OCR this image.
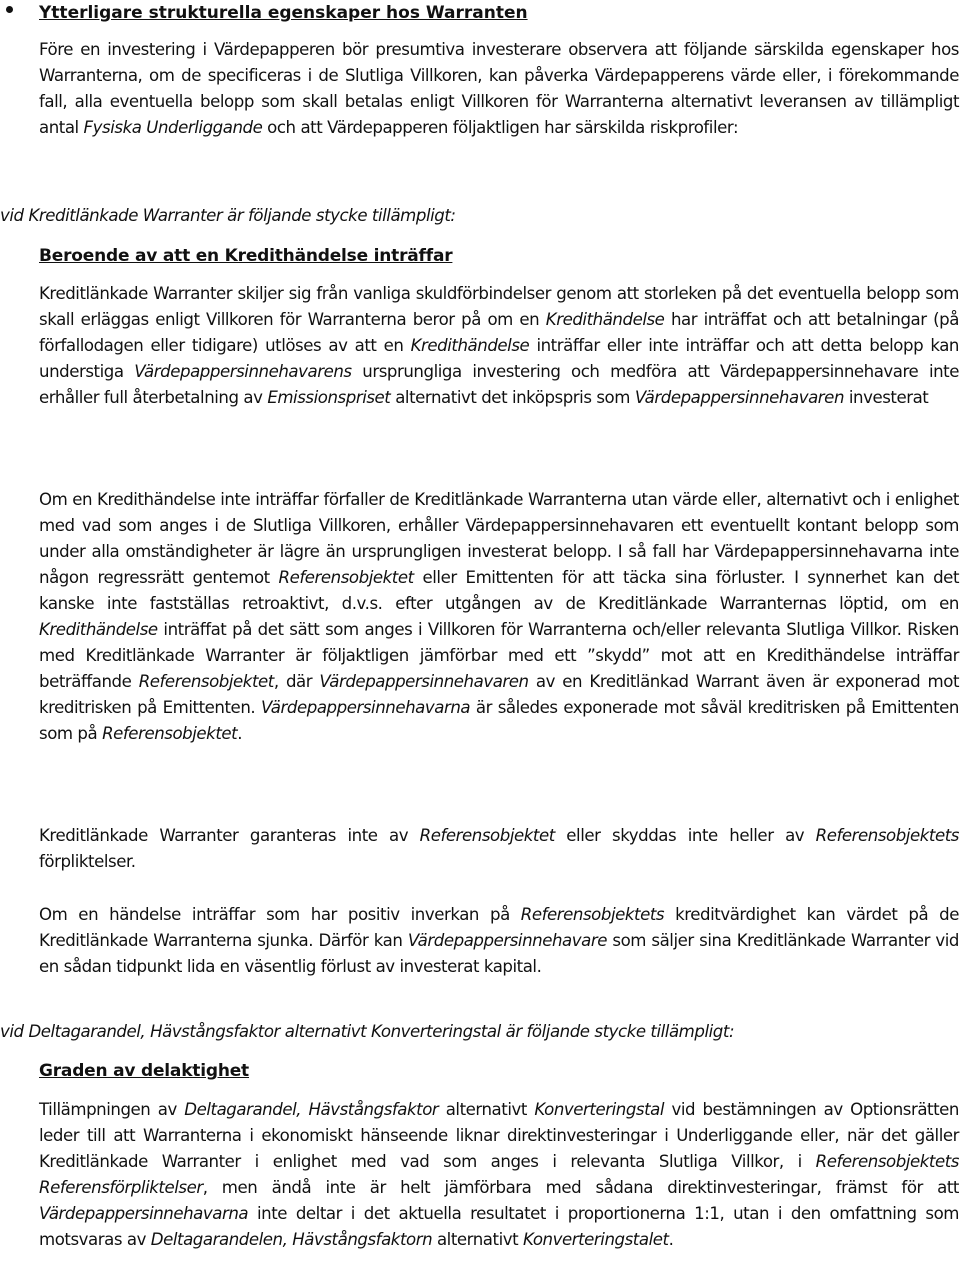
Ytterligare strukturella egenskaper hos Warranten

Före en investering i Värdepapperen bör presumtiva investerare observera att följande särskilda egenskaper hos Warranterna, om de specificeras i de Slutliga Villkoren, kan påverka Värdepapperens värde eller, i förekommande fall, alla eventuella belopp som skall betalas enligt Villkoren för Warranterna alternativt leveransen av tillämpligt antal Fysiska Underliggande och att Värdepapperen följaktligen har särskilda riskprofiler:

vid Kreditlänkade Warranter är följande stycke tillämpligt:

Beroende av att en Kredithändelse inträffar

Kreditlänkade Warranter skiljer sig från vanliga skuldförbindelser genom att storleken på det eventuella belopp som skall erläggas enligt Villkoren för Warranterna beror på om en Kredithändelse har inträffat och att betalningar (på förfallodagen eller tidigare) utlöses av att en Kredithändelse inträffar eller inte inträffar och att detta belopp kan understiga Värdepappersinnehavarens ursprungliga investering och medföra att Värdepappersinnehavare inte erhåller full återbetalning av Emissionspriset alternativt det inköpspris som Värdepappersinnehavaren investerat

Om en Kredithändelse inte inträffar förfaller de Kreditlänkade Warranterna utan värde eller, alternativt och i enlighet med vad som anges i de Slutliga Villkoren, erhåller Värdepappersinnehavaren ett eventuellt kontant belopp som under alla omständigheter är lägre än ursprungligen investerat belopp. I så fall har Värdepappersinnehavarna inte någon regressrätt gentemot Referensobjektet eller Emittenten för att täcka sina förluster. I synnerhet kan det kanske inte fastställas retroaktivt, d.v.s. efter utgången av de Kreditlänkade Warranternas löptid, om en Kredithändelse inträffat på det sätt som anges i Villkoren för Warranterna och/eller relevanta Slutliga Villkor. Risken med Kreditlänkade Warranter är följaktligen jämförbar med ett ”skydd” mot att en Kredithändelse inträffar beträffande Referensobjektet, där Värdepappersinnehavaren av en Kreditlänkad Warrant även är exponerad mot kreditrisken på Emittenten. Värdepappersinnehavarna är således exponerade mot såväl kreditrisken på Emittenten som på Referensobjektet.

Kreditlänkade Warranter garanteras inte av Referensobjektet eller skyddas inte heller av Referensobjektets förpliktelser.

Om en händelse inträffar som har positiv inverkan på Referensobjektets kreditvärdighet kan värdet på de Kreditlänkade Warranterna sjunka. Därför kan Värdepappersinnehavare som säljer sina Kreditlänkade Warranter vid en sådan tidpunkt lida en väsentlig förlust av investerat kapital.

vid Deltagarandel, Hävstångsfaktor alternativt Konverteringstal är följande stycke tillämpligt:

Graden av delaktighet

Tillämpningen av Deltagarandel, Hävstångsfaktor alternativt Konverteringstal vid bestämningen av Optionsrätten leder till att Warranterna i ekonomiskt hänseende liknar direktinvesteringar i Underliggande eller, när det gäller Kreditlänkade Warranter i enlighet med vad som anges i relevanta Slutliga Villkor, i Referensobjektets Referensförpliktelser, men ändå inte är helt jämförbara med sådana direktinvesteringar, främst för att Värdepappersinnehavarna inte deltar i det aktuella resultatet i proportionerna 1:1, utan i den omfattning som motsvaras av Deltagarandelen, Hävstångsfaktorn alternativt Konverteringstalet.
